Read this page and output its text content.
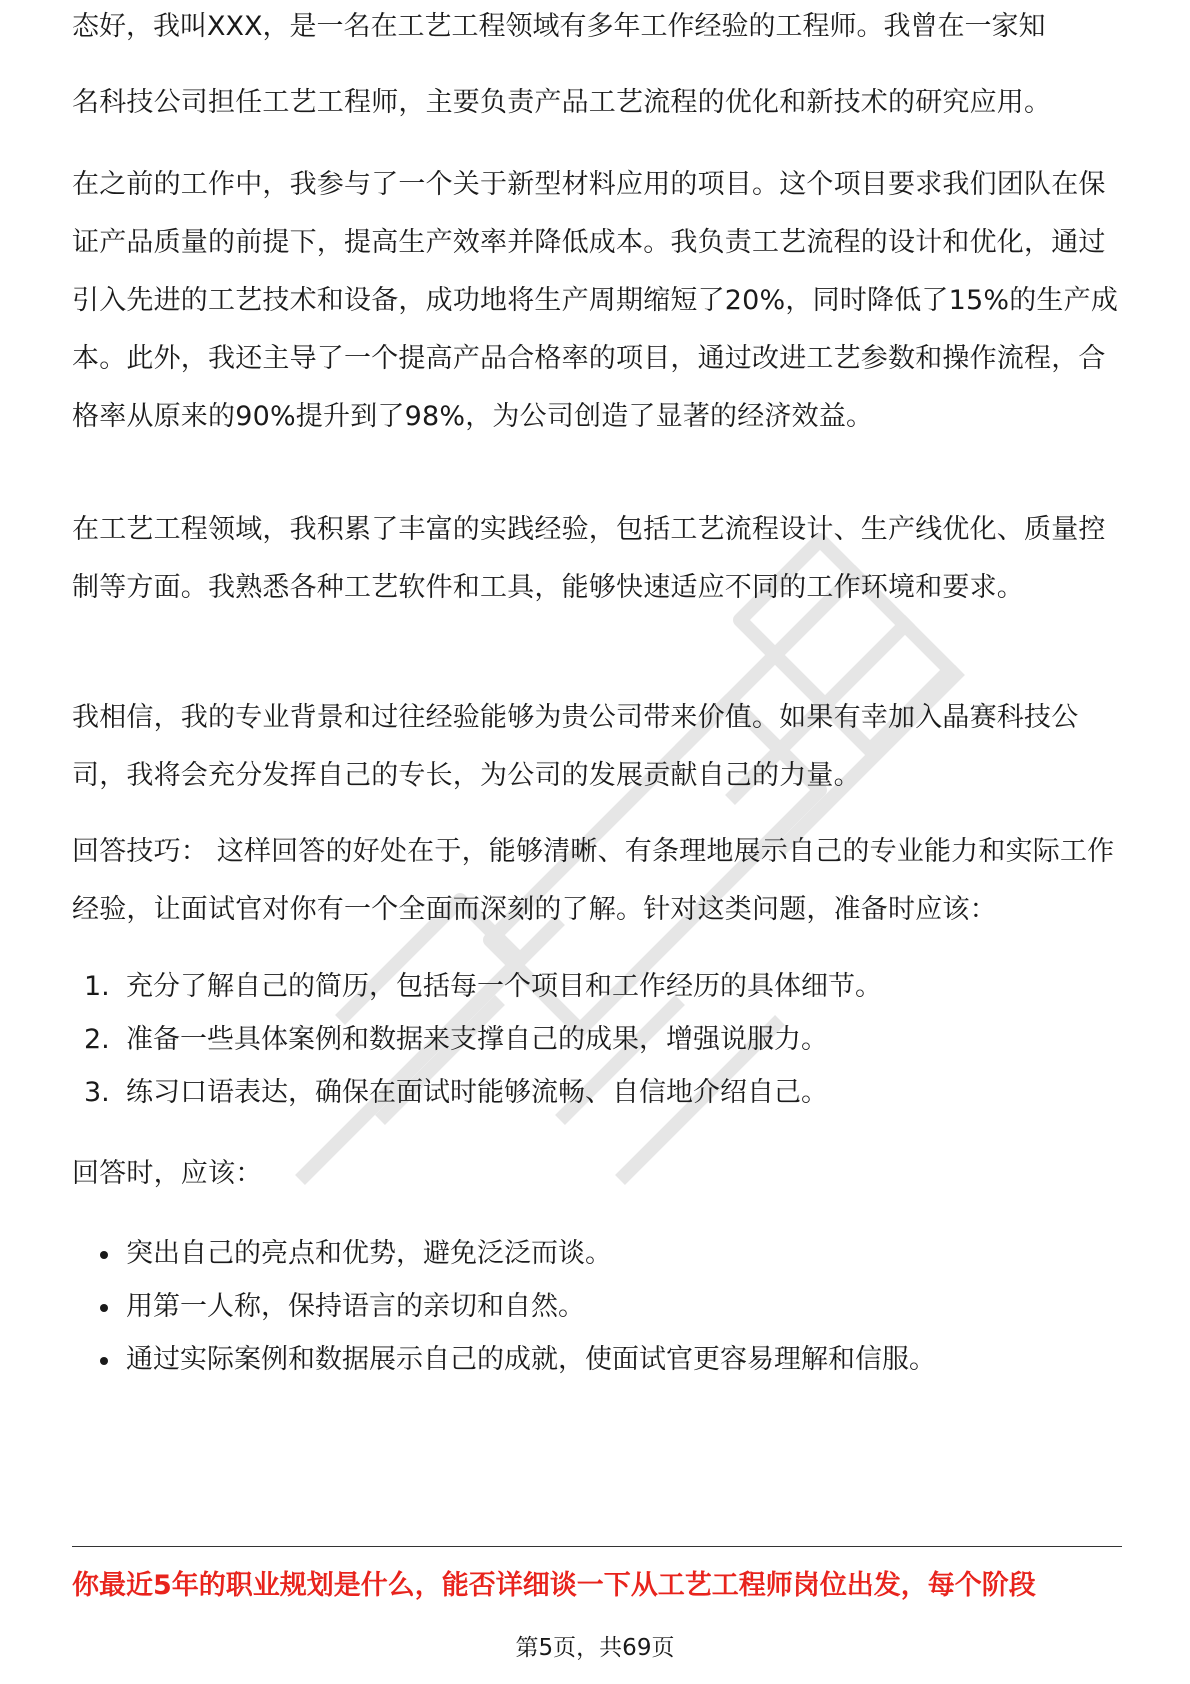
态好，我叫XXX，是一名在工艺工程领域有多年工作经验的工程师。我曾在一家知

名科技公司担任工艺工程师，主要负责产品工艺流程的优化和新技术的研究应用。

在之前的工作中，我参与了一个关于新型材料应用的项目。这个项目要求我们团队在保证产品质量的前提下，提高生产效率并降低成本。我负责工艺流程的设计和优化，通过引入先进的工艺技术和设备，成功地将生产周期缩短了20%，同时降低了15%的生产成本。此外，我还主导了一个提高产品合格率的项目，通过改进工艺参数和操作流程，合格率从原来的90%提升到了98%，为公司创造了显著的经济效益。

在工艺工程领域，我积累了丰富的实践经验，包括工艺流程设计、生产线优化、质量控制等方面。我熟悉各种工艺软件和工具，能够快速适应不同的工作环境和要求。

我相信，我的专业背景和过往经验能够为贵公司带来价值。如果有幸加入晶赛科技公司，我将会充分发挥自己的专长，为公司的发展贡献自己的力量。

回答技巧： 这样回答的好处在于，能够清晰、有条理地展示自己的专业能力和实际工作经验，让面试官对你有一个全面而深刻的了解。针对这类问题，准备时应该：

1. 充分了解自己的简历，包括每一个项目和工作经历的具体细节。
2. 准备一些具体案例和数据来支撑自己的成果，增强说服力。
3. 练习口语表达，确保在面试时能够流畅、自信地介绍自己。

回答时，应该：

突出自己的亮点和优势，避免泛泛而谈。
用第一人称，保持语言的亲切和自然。
通过实际案例和数据展示自己的成就，使面试官更容易理解和信服。
你最近5年的职业规划是什么，能否详细谈一下从工艺工程师岗位出发，每个阶段
第5页，共69页
